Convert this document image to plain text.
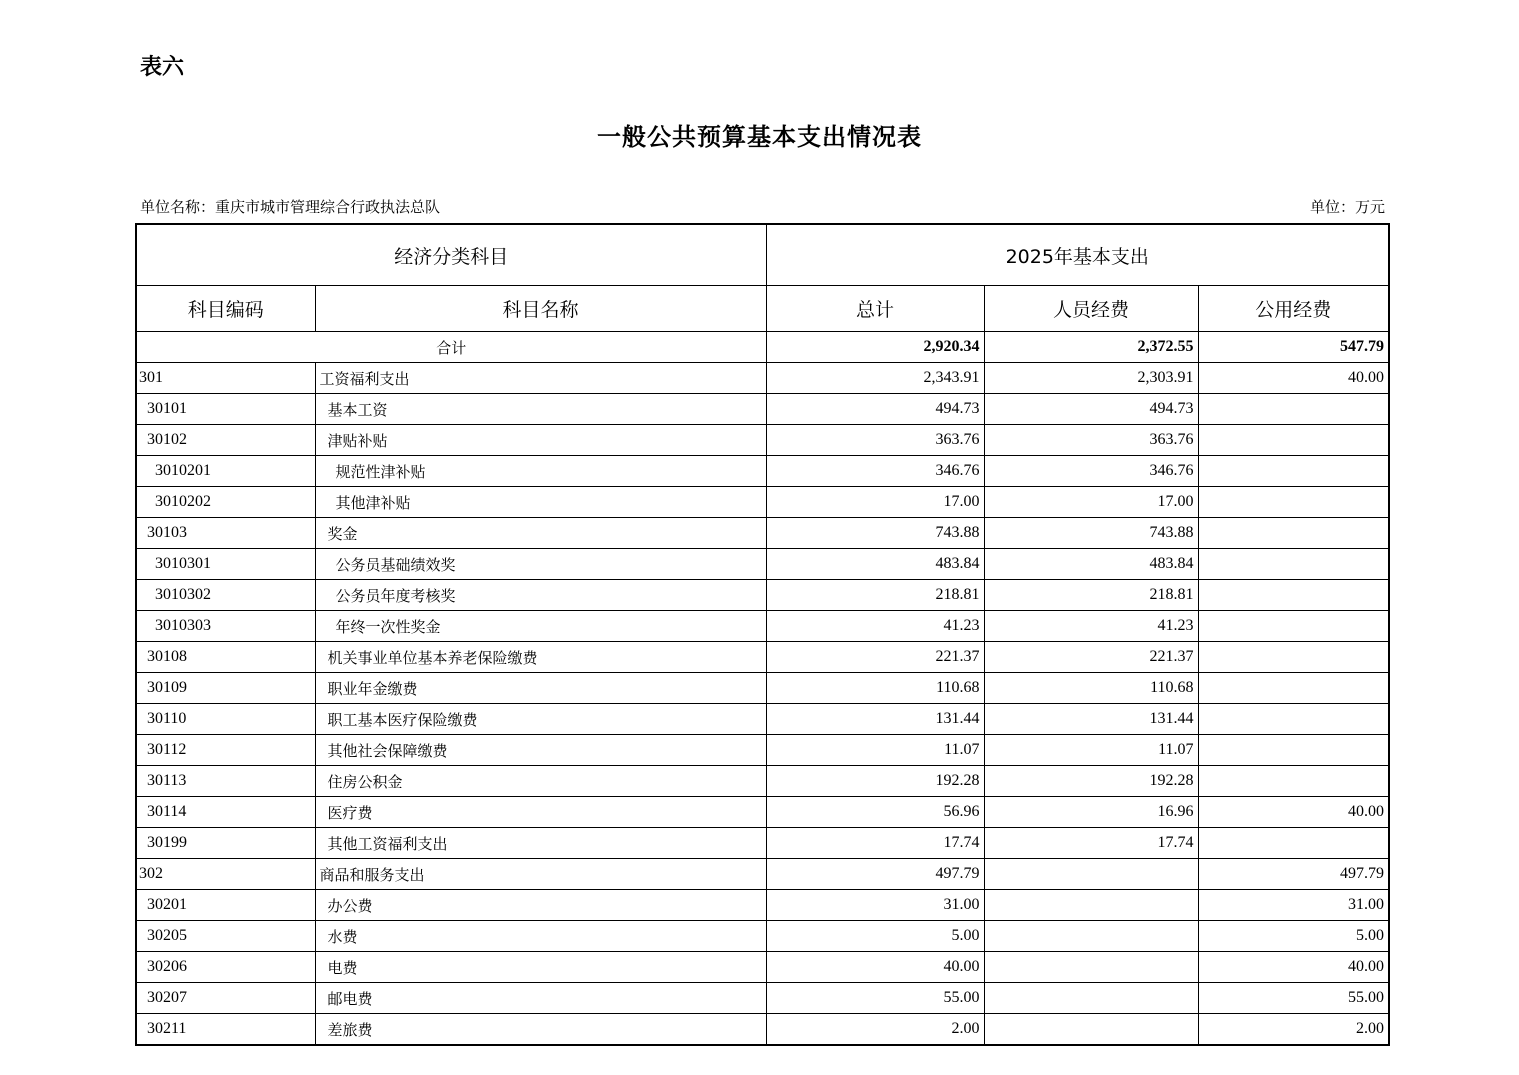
表六
一般公共预算基本支出情况表
单位名称：重庆市城市管理综合行政执法总队	单位：万元
经济分类科目		2025年基本支出		
科目编码	科目名称	总计	人员经费	公用经费
合计		2,920.34	2,372.55	547.79
301	工资福利支出	2,343.91	2,303.91	40.00
30101	基本工资	494.73	494.73	
30102	津贴补贴	363.76	363.76	
3010201	规范性津补贴	346.76	346.76	
3010202	其他津补贴	17.00	17.00	
30103	奖金	743.88	743.88	
3010301	公务员基础绩效奖	483.84	483.84	
3010302	公务员年度考核奖	218.81	218.81	
3010303	年终一次性奖金	41.23	41.23	
30108	机关事业单位基本养老保险缴费	221.37	221.37	
30109	职业年金缴费	110.68	110.68	
30110	职工基本医疗保险缴费	131.44	131.44	
30112	其他社会保障缴费	11.07	11.07	
30113	住房公积金	192.28	192.28	
30114	医疗费	56.96	16.96	40.00
30199	其他工资福利支出	17.74	17.74	
302	商品和服务支出	497.79		497.79
30201	办公费	31.00		31.00
30205	水费	5.00		5.00
30206	电费	40.00		40.00
30207	邮电费	55.00		55.00
30211	差旅费	2.00		2.00
